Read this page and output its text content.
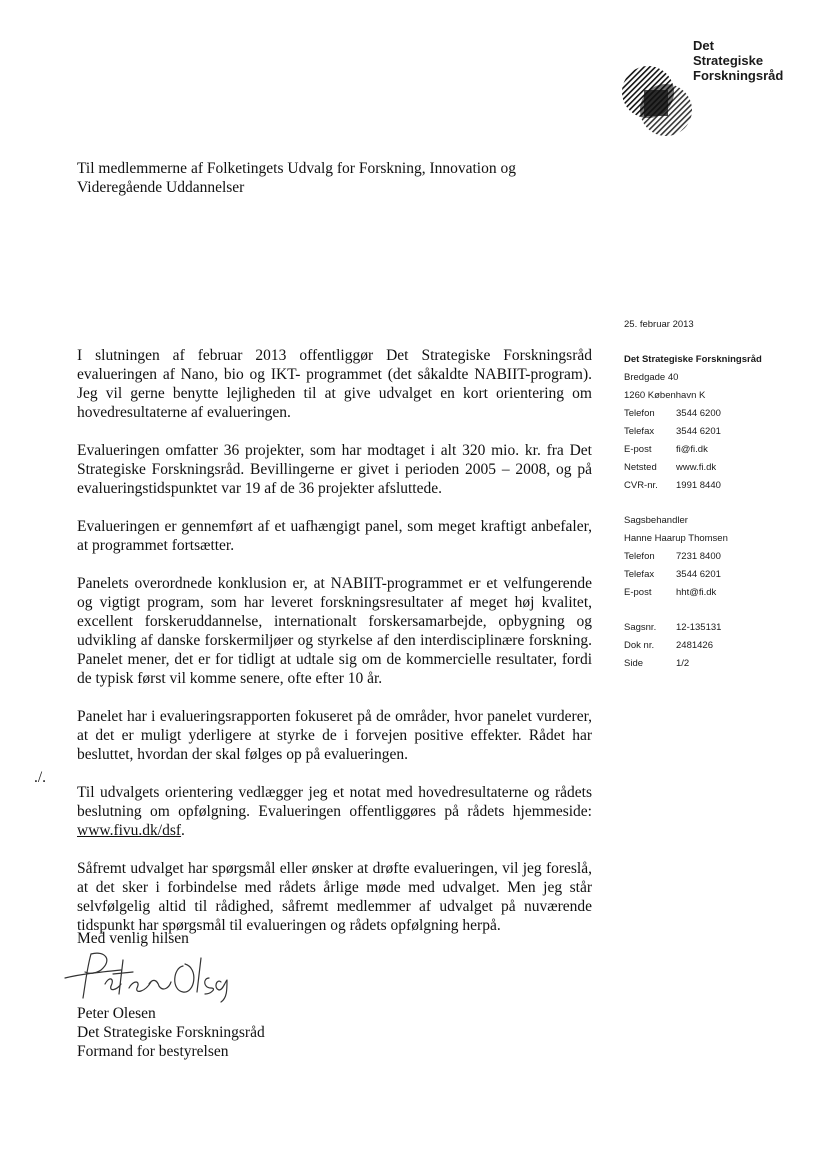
Det
Strategiske
Forskningsråd
Til medlemmerne af Folketingets Udvalg for Forskning, Innovation og
Videregående Uddannelser
25. februar 2013
Det Strategiske Forskningsråd
Bredgade 40
1260 København K
Telefon	3544 6200
Telefax	3544 6201
E-post	fi@fi.dk
Netsted	www.fi.dk
CVR-nr.	1991 8440
Sagsbehandler
Hanne Haarup Thomsen
Telefon	7231 8400
Telefax	3544 6201
E-post	hht@fi.dk
Sagsnr.	12-135131
Dok nr.	2481426
Side	1/2

I slutningen af februar 2013 offentliggør Det Strategiske Forskningsråd evalueringen af Nano, bio og IKT- programmet (det såkaldte NABIIT-program). Jeg vil gerne benytte lejligheden til at give udvalget en kort orientering om hovedresultaterne af evalueringen.

Evalueringen omfatter 36 projekter, som har modtaget i alt 320 mio. kr. fra Det Strategiske Forskningsråd. Bevillingerne er givet i perioden 2005 – 2008, og på evalueringstidspunktet var 19 af de 36 projekter afsluttede.

Evalueringen er gennemført af et uafhængigt panel, som meget kraftigt anbefaler, at programmet fortsætter.

Panelets overordnede konklusion er, at NABIIT-programmet er et velfungerende og vigtigt program, som har leveret forskningsresultater af meget høj kvalitet, excellent forskeruddannelse, internationalt forskersamarbejde, opbygning og udvikling af danske forskermiljøer og styrkelse af den interdisciplinære forskning. Panelet mener, det er for tidligt at udtale sig om de kommercielle resultater, fordi de typisk først vil komme senere, ofte efter 10 år.

Panelet har i evalueringsrapporten fokuseret på de områder, hvor panelet vurderer, at det er muligt yderligere at styrke de i forvejen positive effekter. Rådet har besluttet, hvordan der skal følges op på evalueringen.

Til udvalgets orientering vedlægger jeg et notat med hovedresultaterne og rådets beslutning om opfølgning. Evalueringen offentliggøres på rådets hjemmeside: www.fivu.dk/dsf.

Såfremt udvalget har spørgsmål eller ønsker at drøfte evalueringen, vil jeg foreslå, at det sker i forbindelse med rådets årlige møde med udvalget. Men jeg står selvfølgelig altid til rådighed, såfremt medlemmer af udvalget på nuværende tidspunkt har spørgsmål til evalueringen og rådets opfølgning herpå.

./.
Med venlig hilsen
Peter Olesen
Det Strategiske Forskningsråd
Formand for bestyrelsen
